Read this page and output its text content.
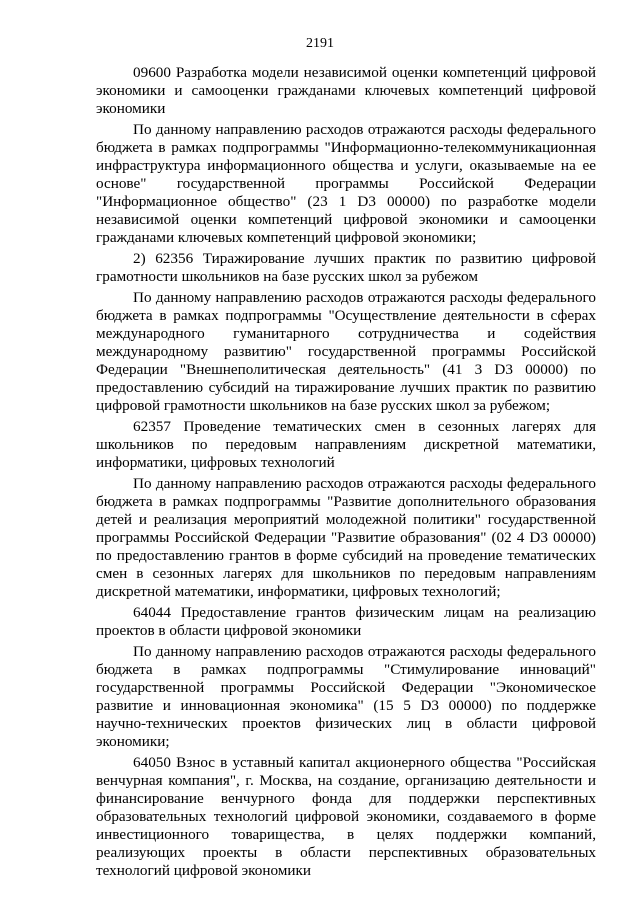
2191

09600 Разработка модели независимой оценки компетенций цифровой экономики и самооценки гражданами ключевых компетенций цифровой экономики

По данному направлению расходов отражаются расходы федерального бюджета в рамках подпрограммы "Информационно-телекоммуникационная инфраструктура информационного общества и услуги, оказываемые на ее основе" государственной программы Российской Федерации "Информационное общество" (23 1 D3 00000) по разработке модели независимой оценки компетенций цифровой экономики и самооценки гражданами ключевых компетенций цифровой экономики;

2) 62356 Тиражирование лучших практик по развитию цифровой грамотности школьников на базе русских школ за рубежом

По данному направлению расходов отражаются расходы федерального бюджета в рамках подпрограммы "Осуществление деятельности в сферах международного гуманитарного сотрудничества и содействия международному развитию" государственной программы Российской Федерации "Внешнеполитическая деятельность" (41 3 D3 00000) по предоставлению субсидий на тиражирование лучших практик по развитию цифровой грамотности школьников на базе русских школ за рубежом;

62357 Проведение тематических смен в сезонных лагерях для школьников по передовым направлениям дискретной математики, информатики, цифровых технологий

По данному направлению расходов отражаются расходы федерального бюджета в рамках подпрограммы "Развитие дополнительного образования детей и реализация мероприятий молодежной политики" государственной программы Российской Федерации "Развитие образования" (02 4 D3 00000) по предоставлению грантов в форме субсидий на проведение тематических смен в сезонных лагерях для школьников по передовым направлениям дискретной математики, информатики, цифровых технологий;

64044 Предоставление грантов физическим лицам на реализацию проектов в области цифровой экономики

По данному направлению расходов отражаются расходы федерального бюджета в рамках подпрограммы "Стимулирование инноваций" государственной программы Российской Федерации "Экономическое развитие и инновационная экономика" (15 5 D3 00000) по поддержке научно-технических проектов физических лиц в области цифровой экономики;

64050 Взнос в уставный капитал акционерного общества "Российская венчурная компания", г. Москва, на создание, организацию деятельности и финансирование венчурного фонда для поддержки перспективных образовательных технологий цифровой экономики, создаваемого в форме инвестиционного товарищества, в целях поддержки компаний, реализующих проекты в области перспективных образовательных технологий цифровой экономики
